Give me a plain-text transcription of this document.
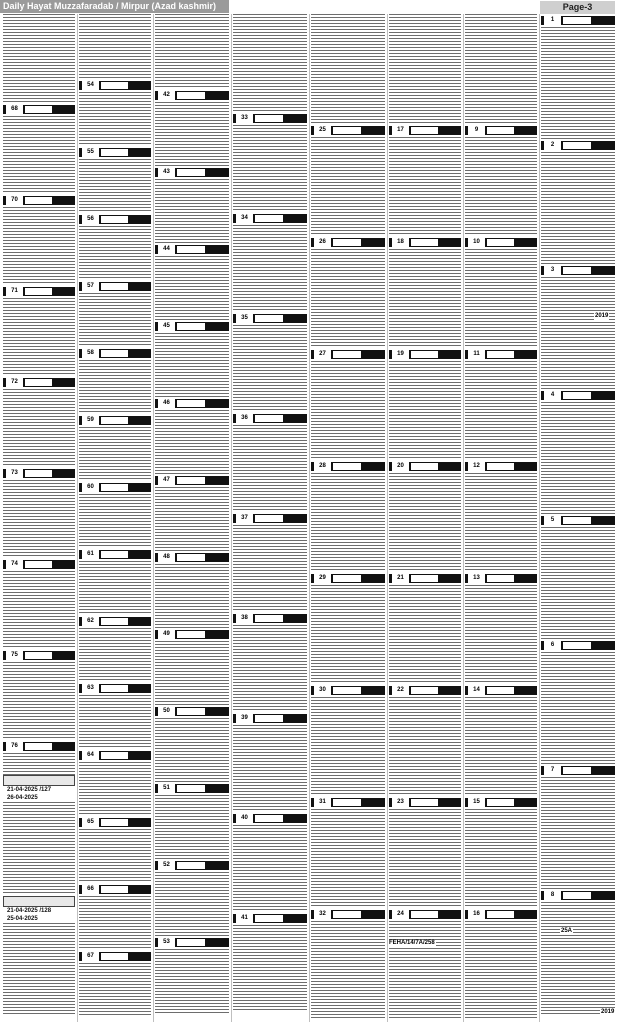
Daily Hayat Muzzafaradab / Mirpur (Azad kashmir)	Page-3
68
70
71
72
73
74
75
76
54
55
56
57
58
59
60
61
62
63
64
65
66
67
42
43
44
45
46
47
48
49
50
51
52
53
33
34
35
36
37
38
39
40
41
25
26
27
28
29
30
31
32
17
18
19
20
21
22
23
24
9
10
11
12
13
14
15
16
1
2
3
4
5
6
7
8
21-04-2025 /127
26-04-2025
21-04-2025 /128
25-04-2025
FEHA/14/7A/258
2019
25A
2019
